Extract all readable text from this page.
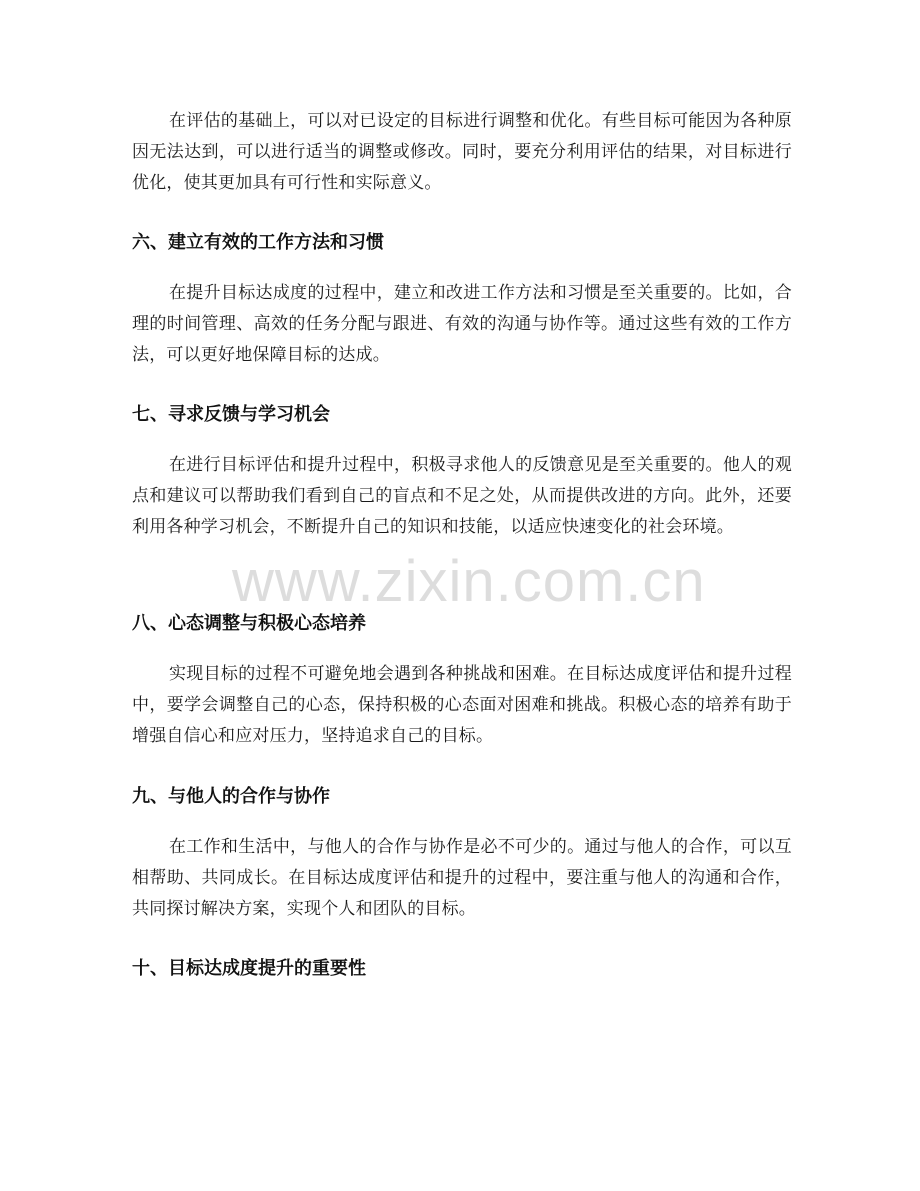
在评估的基础上，可以对已设定的目标进行调整和优化。有些目标可能因为各种原因无法达到，可以进行适当的调整或修改。同时，要充分利用评估的结果，对目标进行优化，使其更加具有可行性和实际意义。

六、建立有效的工作方法和习惯

在提升目标达成度的过程中，建立和改进工作方法和习惯是至关重要的。比如，合理的时间管理、高效的任务分配与跟进、有效的沟通与协作等。通过这些有效的工作方法，可以更好地保障目标的达成。

七、寻求反馈与学习机会

在进行目标评估和提升过程中，积极寻求他人的反馈意见是至关重要的。他人的观点和建议可以帮助我们看到自己的盲点和不足之处，从而提供改进的方向。此外，还要利用各种学习机会，不断提升自己的知识和技能，以适应快速变化的社会环境。

八、心态调整与积极心态培养

实现目标的过程不可避免地会遇到各种挑战和困难。在目标达成度评估和提升过程中，要学会调整自己的心态，保持积极的心态面对困难和挑战。积极心态的培养有助于增强自信心和应对压力，坚持追求自己的目标。

九、与他人的合作与协作

在工作和生活中，与他人的合作与协作是必不可少的。通过与他人的合作，可以互相帮助、共同成长。在目标达成度评估和提升的过程中，要注重与他人的沟通和合作，共同探讨解决方案，实现个人和团队的目标。

十、目标达成度提升的重要性
www.zixin.com.cn
